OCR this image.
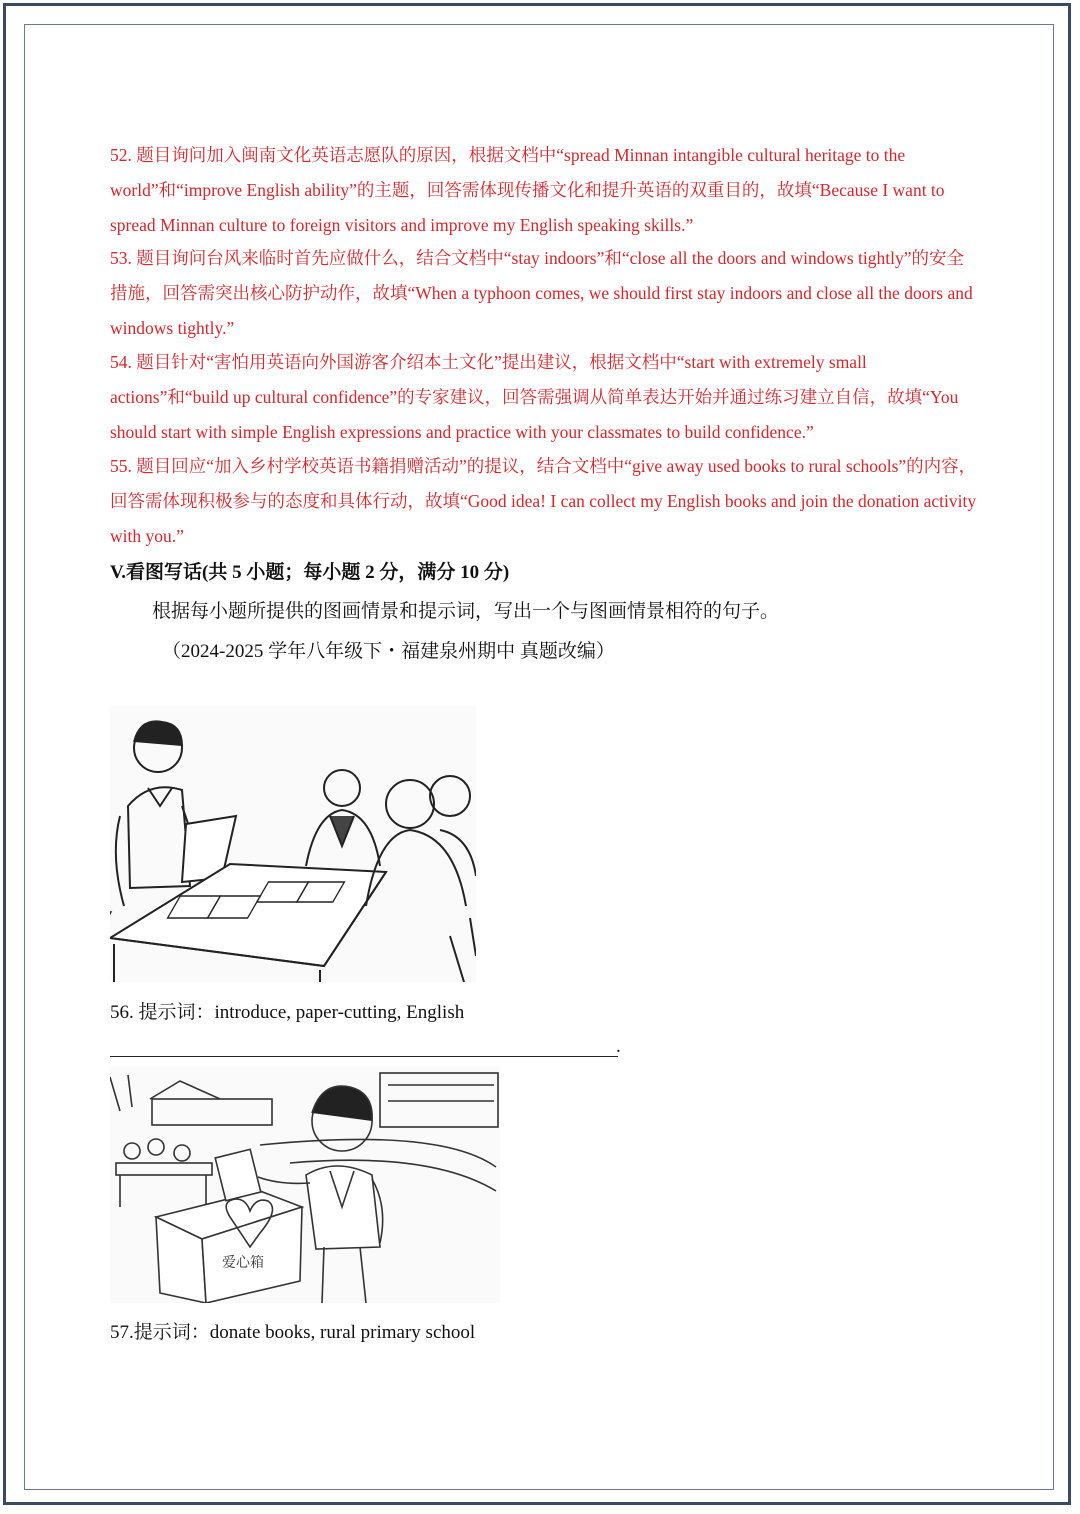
52. 题目询问加入闽南文化英语志愿队的原因，根据文档中“spread Minnan intangible cultural heritage to the world”和“improve English ability”的主题，回答需体现传播文化和提升英语的双重目的，故填“Because I want to spread Minnan culture to foreign visitors and improve my English speaking skills.”

53. 题目询问台风来临时首先应做什么，结合文档中“stay indoors”和“close all the doors and windows tightly”的安全措施，回答需突出核心防护动作，故填“When a typhoon comes, we should first stay indoors and close all the doors and windows tightly.”

54. 题目针对“害怕用英语向外国游客介绍本土文化”提出建议，根据文档中“start with extremely small actions”和“build up cultural confidence”的专家建议，回答需强调从简单表达开始并通过练习建立自信，故填“You should start with simple English expressions and practice with your classmates to build confidence.”

55. 题目回应“加入乡村学校英语书籍捐赠活动”的提议，结合文档中“give away used books to rural schools”的内容，回答需体现积极参与的态度和具体行动，故填“Good idea! I can collect my English books and join the donation activity with you.”

V.看图写话(共 5 小题；每小题 2 分，满分 10 分)
根据每小题所提供的图画情景和提示词，写出一个与图画情景相符的句子。
（2024-2025 学年八年级下・福建泉州期中 真题改编）
56. 提示词：introduce, paper-cutting, English
.
爱心箱
57.提示词：donate books, rural primary school
